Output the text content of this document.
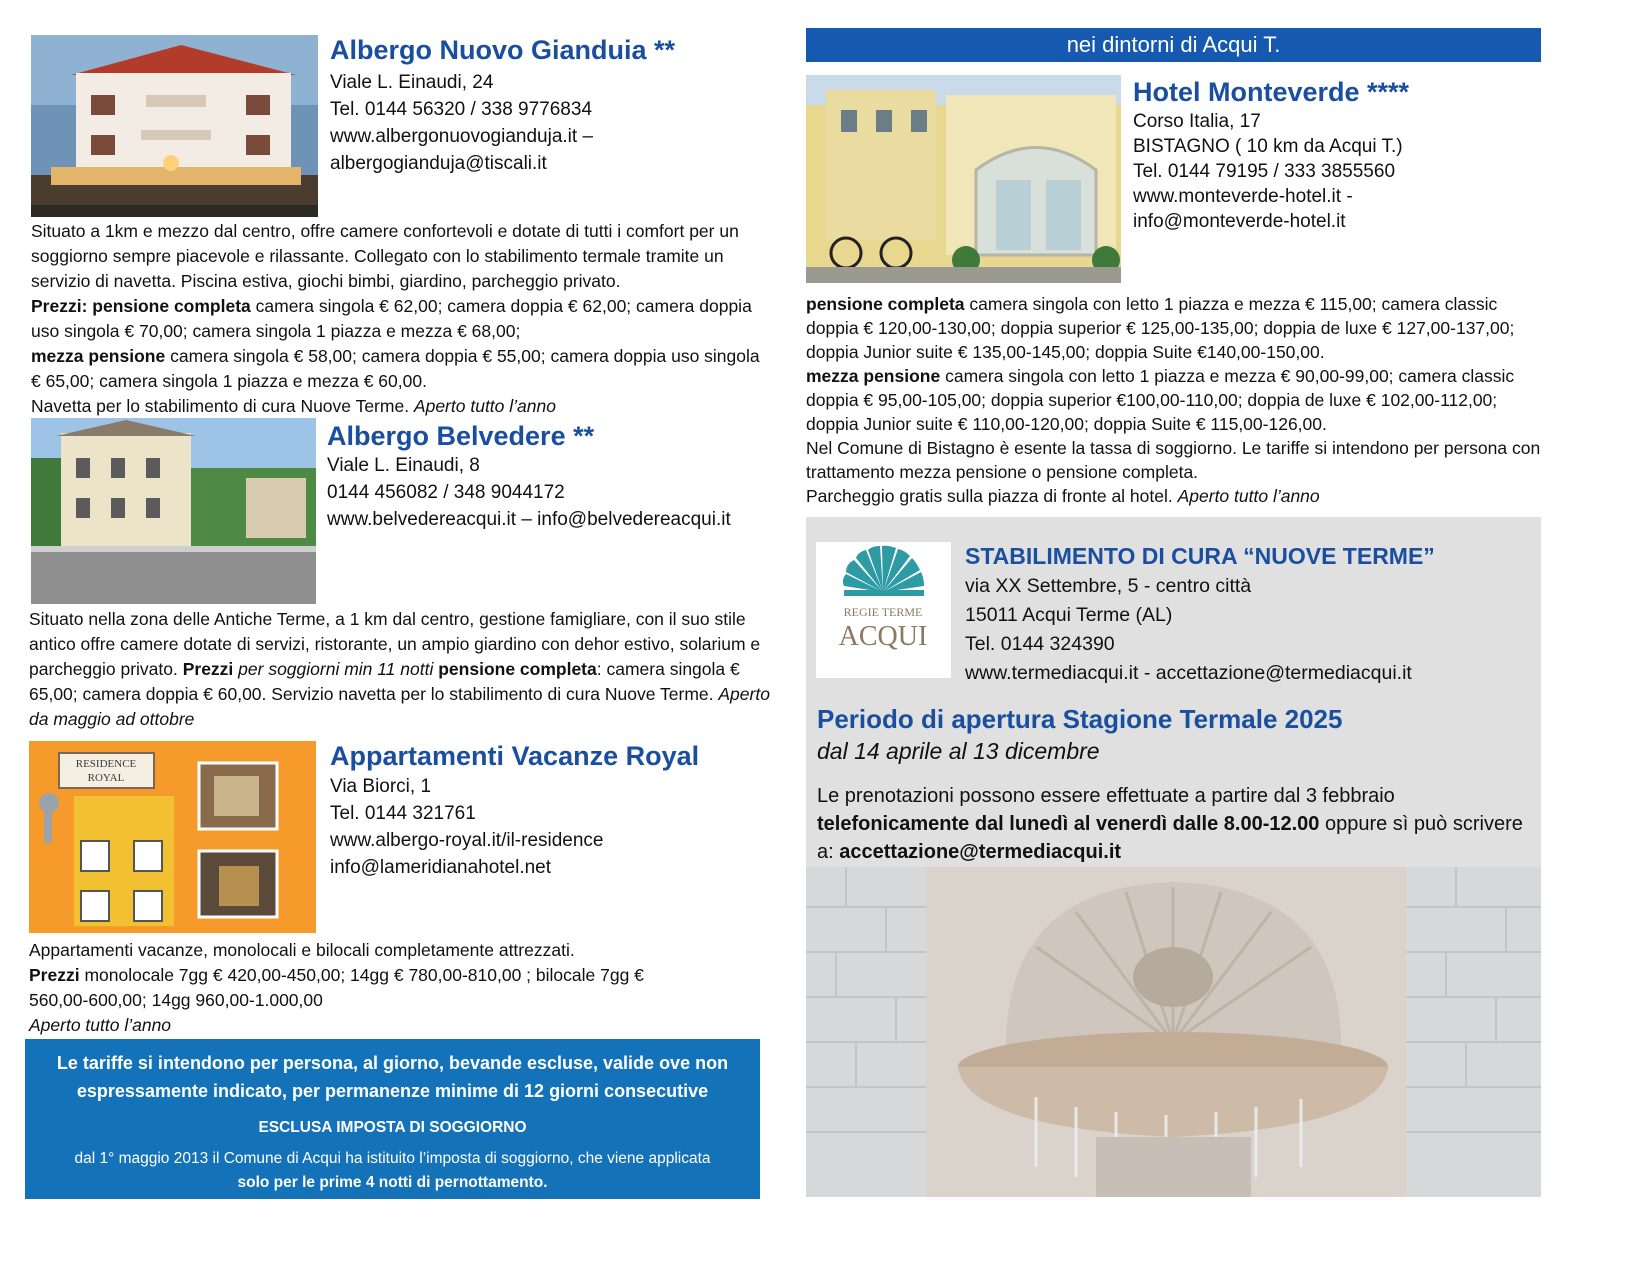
Albergo Nuovo Gianduia **
Viale L. Einaudi, 24
Tel. 0144 56320 / 338 9776834
www.albergonuovogianduja.it –
albergogianduja@tiscali.it

Situato a 1km e mezzo dal centro, offre camere confortevoli e dotate di tutti i comfort per un soggiorno sempre piacevole e rilassante. Collegato con lo stabilimento termale tramite un servizio di navetta. Piscina estiva, giochi bimbi, giardino, parcheggio privato.

Prezzi: pensione completa camera singola € 62,00; camera doppia € 62,00; camera doppia uso singola € 70,00; camera singola 1 piazza e mezza € 68,00;

mezza pensione camera singola € 58,00; camera doppia € 55,00; camera doppia uso singola € 65,00; camera singola 1 piazza e mezza € 60,00.

Navetta per lo stabilimento di cura Nuove Terme. Aperto tutto l’anno

Albergo Belvedere **
Viale L. Einaudi, 8
0144 456082 / 348 9044172
www.belvedereacqui.it – info@belvedereacqui.it

Situato nella zona delle Antiche Terme, a 1 km dal centro, gestione famigliare, con il suo stile antico offre camere dotate di servizi, ristorante, un ampio giardino con dehor estivo, solarium e parcheggio privato. Prezzi per soggiorni min 11 notti pensione completa: camera singola € 65,00; camera doppia € 60,00. Servizio navetta per lo stabilimento di cura Nuove Terme. Aperto da maggio ad ottobre

RESIDENCE
ROYAL
Appartamenti Vacanze Royal
Via Biorci, 1
Tel. 0144 321761
www.albergo-royal.it/il-residence
info@lameridianahotel.net

Appartamenti vacanze, monolocali e bilocali completamente attrezzati.

Prezzi monolocale 7gg € 420,00-450,00; 14gg € 780,00-810,00 ; bilocale 7gg € 560,00-600,00; 14gg 960,00-1.000,00

Aperto tutto l’anno

Le tariffe si intendono per persona, al giorno, bevande escluse, valide ove non espressamente indicato, per permanenze minime di 12 giorni consecutive
ESCLUSA IMPOSTA DI SOGGIORNO
dal 1° maggio 2013 il Comune di Acqui ha istituito l’imposta di soggiorno, che viene applicata
solo per le prime 4 notti di pernottamento.
nei dintorni di Acqui T.
Hotel Monteverde ****
Corso Italia, 17
BISTAGNO ( 10 km da Acqui T.)
Tel. 0144 79195 / 333 3855560
www.monteverde-hotel.it -
info@monteverde-hotel.it

pensione completa camera singola con letto 1 piazza e mezza € 115,00; camera classic doppia € 120,00-130,00; doppia superior € 125,00-135,00; doppia de luxe € 127,00-137,00; doppia Junior suite € 135,00-145,00; doppia Suite €140,00-150,00.

mezza pensione camera singola con letto 1 piazza e mezza € 90,00-99,00; camera classic doppia € 95,00-105,00; doppia superior €100,00-110,00; doppia de luxe € 102,00-112,00; doppia Junior suite € 110,00-120,00; doppia Suite € 115,00-126,00.

Nel Comune di Bistagno è esente la tassa di soggiorno. Le tariffe si intendono per persona con trattamento mezza pensione o pensione completa.

Parcheggio gratis sulla piazza di fronte al hotel. Aperto tutto l’anno

REGIE TERME
ACQUI
STABILIMENTO DI CURA “NUOVE TERME”
via XX Settembre, 5 - centro città
15011 Acqui Terme (AL)
Tel. 0144 324390
www.termediacqui.it - accettazione@termediacqui.it
Periodo di apertura Stagione Termale 2025
dal 14 aprile al 13 dicembre
Le prenotazioni possono essere effettuate a partire dal 3 febbraio
telefonicamente dal lunedì al venerdì dalle 8.00-12.00 oppure sì può scrivere a: accettazione@termediacqui.it
